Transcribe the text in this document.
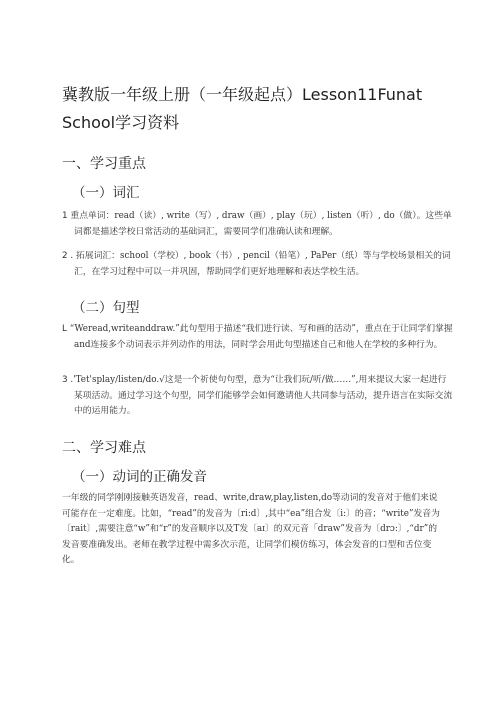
冀教版一年级上册（一年级起点）Lesson11Funat
School学习资料
一、学习重点
（一）词汇
1 重点单词：read（读）, write（写）, draw（画）, play（玩）, listen（听）, do（做）。这些单词都是描述学校日常活动的基础词汇，需要同学们准确认读和理解。
2 . 拓展词汇：school（学校）, book（书）, pencil（铅笔）, PaPer（纸）等与学校场景相关的词汇，在学习过程中可以一并巩固，帮助同学们更好地理解和表达学校生活。
（二）句型
L “Weread,writeanddraw.”此句型用于描述“我们进行读、写和画的活动”，重点在于让同学们掌握and连接多个动词表示并列动作的用法，同时学会用此句型描述自己和他人在学校的多种行为。
3 .'Tet'splay∕listen∕do.√这是一个祈使句句型，意为“让我们玩/听/做……”,用来提议大家一起进行某项活动。通过学习这个句型，同学们能够学会如何邀请他人共同参与活动，提升语言在实际交流中的运用能力。
二、学习难点
（一）动词的正确发音
一年级的同学刚刚接触英语发音，read、write,draw,play,listen,do等动词的发音对于他们来说可能存在一定难度。比如，“read”的发音为〔ri:d〕,其中“ea”组合发〔i:〕的音；“write”发音为〔rait〕,需要注意“w”和“r”的发音顺序以及T发〔aɪ〕的双元音「draw”发音为〔drɔ:〕,“dr”的发音要准确发出。老师在教学过程中需多次示范，让同学们模仿练习，体会发音的口型和舌位变化。
